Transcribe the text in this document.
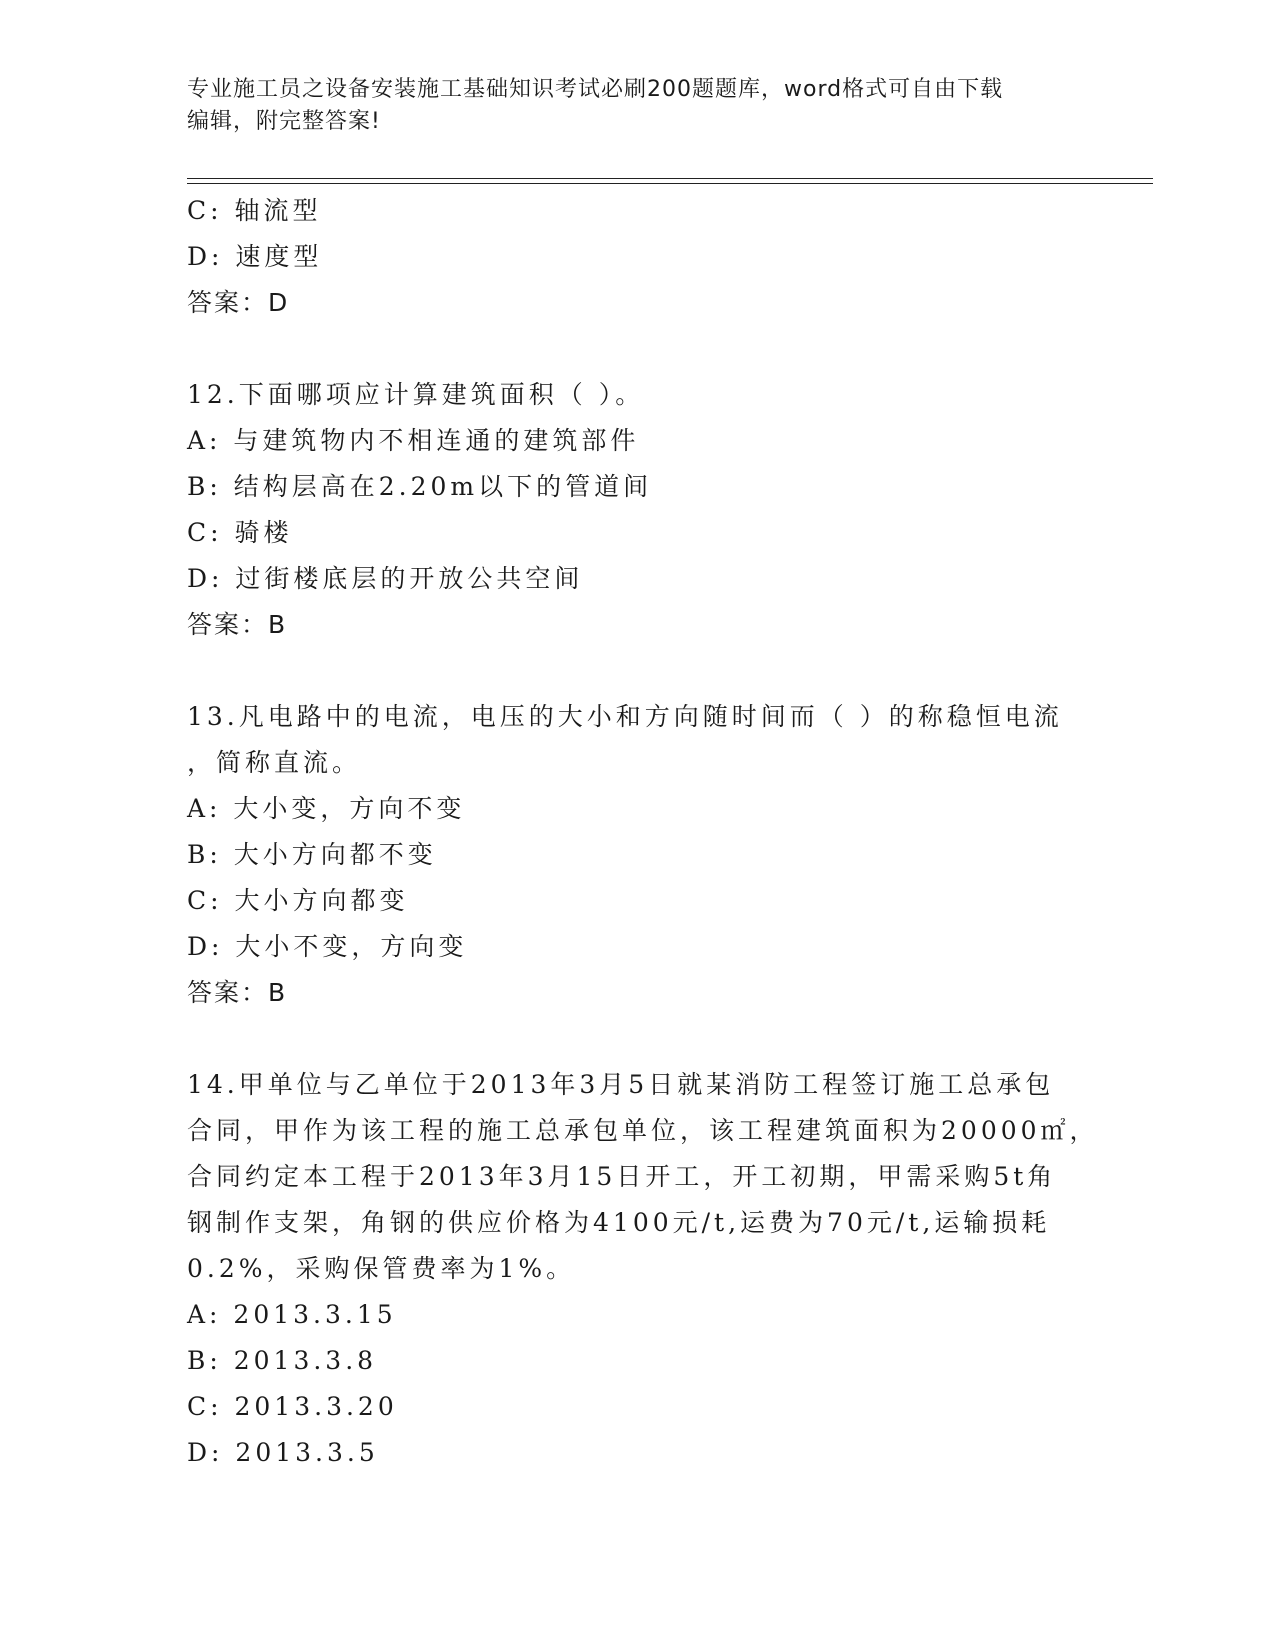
专业施工员之设备安装施工基础知识考试必刷200题题库，word格式可自由下载
编辑，附完整答案!
C: 轴流型
D: 速度型
答案：D
12.下面哪项应计算建筑面积（ ）。
A: 与建筑物内不相连通的建筑部件
B: 结构层高在2.20m以下的管道间
C: 骑楼
D: 过街楼底层的开放公共空间
答案：B
13.凡电路中的电流，电压的大小和方向随时间而（ ）的称稳恒电流
，简称直流。
A: 大小变，方向不变
B: 大小方向都不变
C: 大小方向都变
D: 大小不变，方向变
答案：B
14.甲单位与乙单位于2013年3月5日就某消防工程签订施工总承包
合同，甲作为该工程的施工总承包单位，该工程建筑面积为20000㎡，
合同约定本工程于2013年3月15日开工，开工初期，甲需采购5t角
钢制作支架，角钢的供应价格为4100元/t,运费为70元/t,运输损耗
0.2%，采购保管费率为1%。
A: 2013.3.15
B: 2013.3.8
C: 2013.3.20
D: 2013.3.5
